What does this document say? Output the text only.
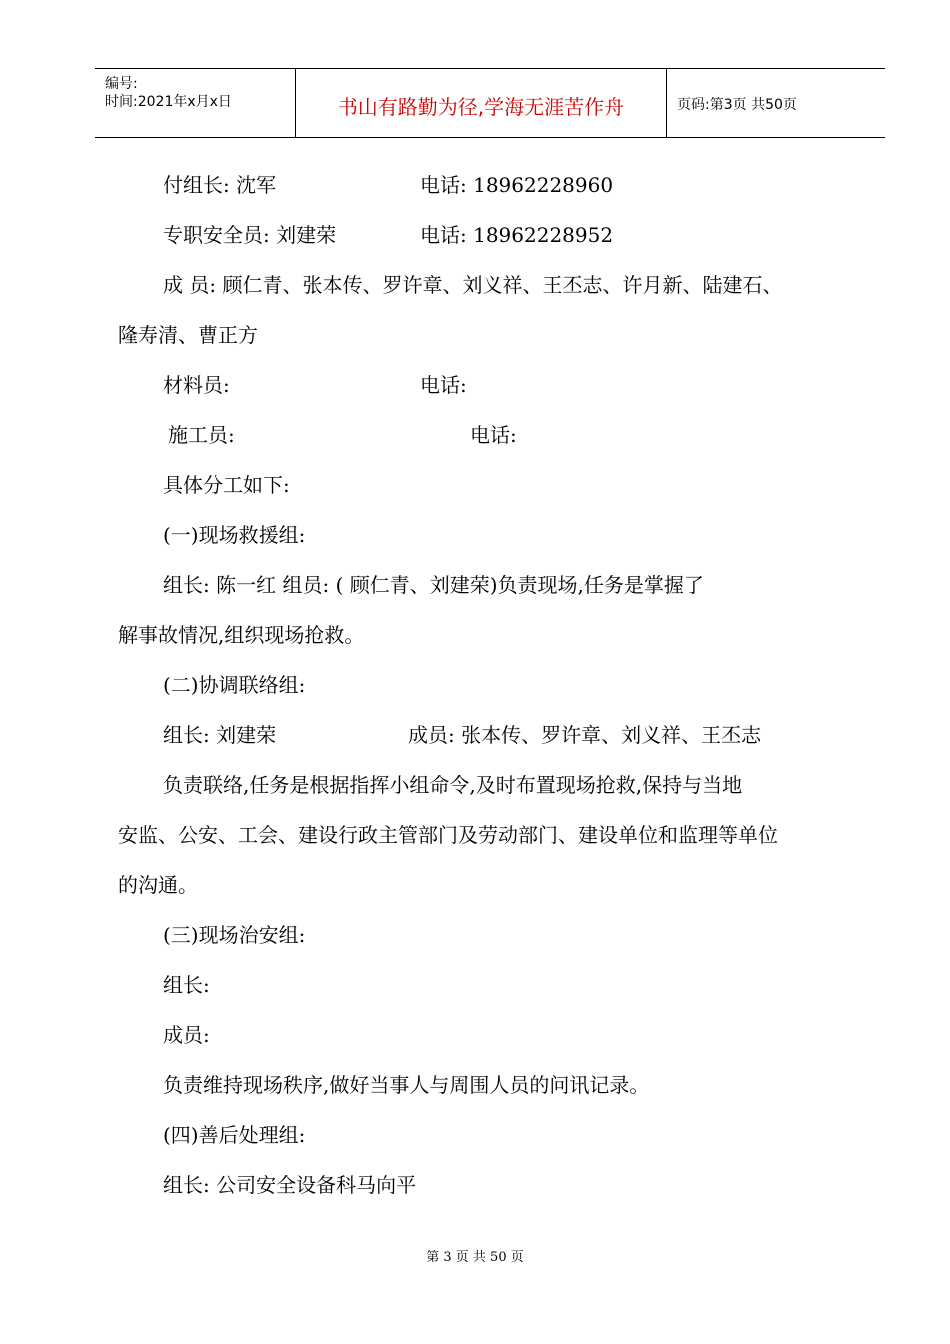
编号:
时间:2021年x月x日	书山有路勤为径,学海无涯苦作舟	页码:第3页 共50页
付组长: 沈军	电话: 18962228960
专职安全员: 刘建荣	电话: 18962228952
成 员: 顾仁青、张本传、罗许章、刘义祥、王丕志、许月新、陆建石、
隆寿清、曹正方
材料员:	电话:
施工员:	电话:
具体分工如下:
(一)现场救援组:
组长: 陈一红 组员: ( 顾仁青、刘建荣)负责现场,任务是掌握了
解事故情况,组织现场抢救。
(二)协调联络组:
组长: 刘建荣	成员: 张本传、罗许章、刘义祥、王丕志
负责联络,任务是根据指挥小组命令,及时布置现场抢救,保持与当地
安监、公安、工会、建设行政主管部门及劳动部门、建设单位和监理等单位
的沟通。
(三)现场治安组:
组长:
成员:
负责维持现场秩序,做好当事人与周围人员的问讯记录。
(四)善后处理组:
组长: 公司安全设备科马向平
第 3 页 共 50 页
